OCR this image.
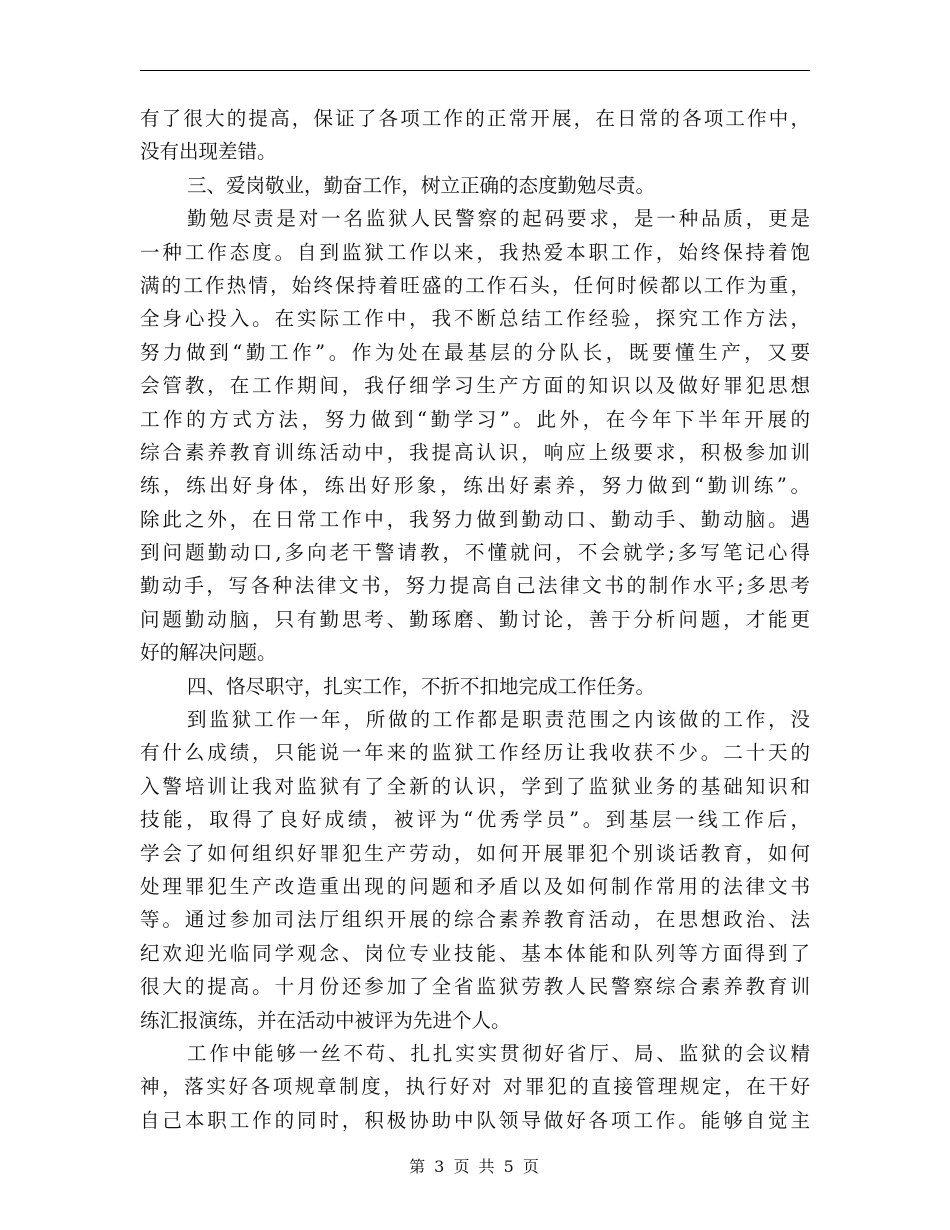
有了很大的提高，保证了各项工作的正常开展，在日常的各项工作中，
没有出现差错。
三、爱岗敬业，勤奋工作，树立正确的态度勤勉尽责。
勤勉尽责是对一名监狱人民警察的起码要求，是一种品质，更是
一种工作态度。自到监狱工作以来，我热爱本职工作，始终保持着饱
满的工作热情，始终保持着旺盛的工作石头，任何时候都以工作为重，
全身心投入。在实际工作中，我不断总结工作经验，探究工作方法，
努力做到“勤工作”。作为处在最基层的分队长，既要懂生产，又要
会管教，在工作期间，我仔细学习生产方面的知识以及做好罪犯思想
工作的方式方法，努力做到“勤学习”。此外，在今年下半年开展的
综合素养教育训练活动中，我提高认识，响应上级要求，积极参加训
练，练出好身体，练出好形象，练出好素养，努力做到“勤训练”。
除此之外，在日常工作中，我努力做到勤动口、勤动手、勤动脑。遇
到问题勤动口,多向老干警请教，不懂就问，不会就学;多写笔记心得
勤动手，写各种法律文书，努力提高自己法律文书的制作水平;多思考
问题勤动脑，只有勤思考、勤琢磨、勤讨论，善于分析问题，才能更
好的解决问题。
四、恪尽职守，扎实工作，不折不扣地完成工作任务。
到监狱工作一年，所做的工作都是职责范围之内该做的工作，没
有什么成绩，只能说一年来的监狱工作经历让我收获不少。二十天的
入警培训让我对监狱有了全新的认识，学到了监狱业务的基础知识和
技能，取得了良好成绩，被评为“优秀学员”。到基层一线工作后，
学会了如何组织好罪犯生产劳动，如何开展罪犯个别谈话教育，如何
处理罪犯生产改造重出现的问题和矛盾以及如何制作常用的法律文书
等。通过参加司法厅组织开展的综合素养教育活动，在思想政治、法
纪欢迎光临同学观念、岗位专业技能、基本体能和队列等方面得到了
很大的提高。十月份还参加了全省监狱劳教人民警察综合素养教育训
练汇报演练，并在活动中被评为先进个人。
工作中能够一丝不苟、扎扎实实贯彻好省厅、局、监狱的会议精
神，落实好各项规章制度，执行好对 对罪犯的直接管理规定，在干好
自己本职工作的同时，积极协助中队领导做好各项工作。能够自觉主
第 3 页 共 5 页
